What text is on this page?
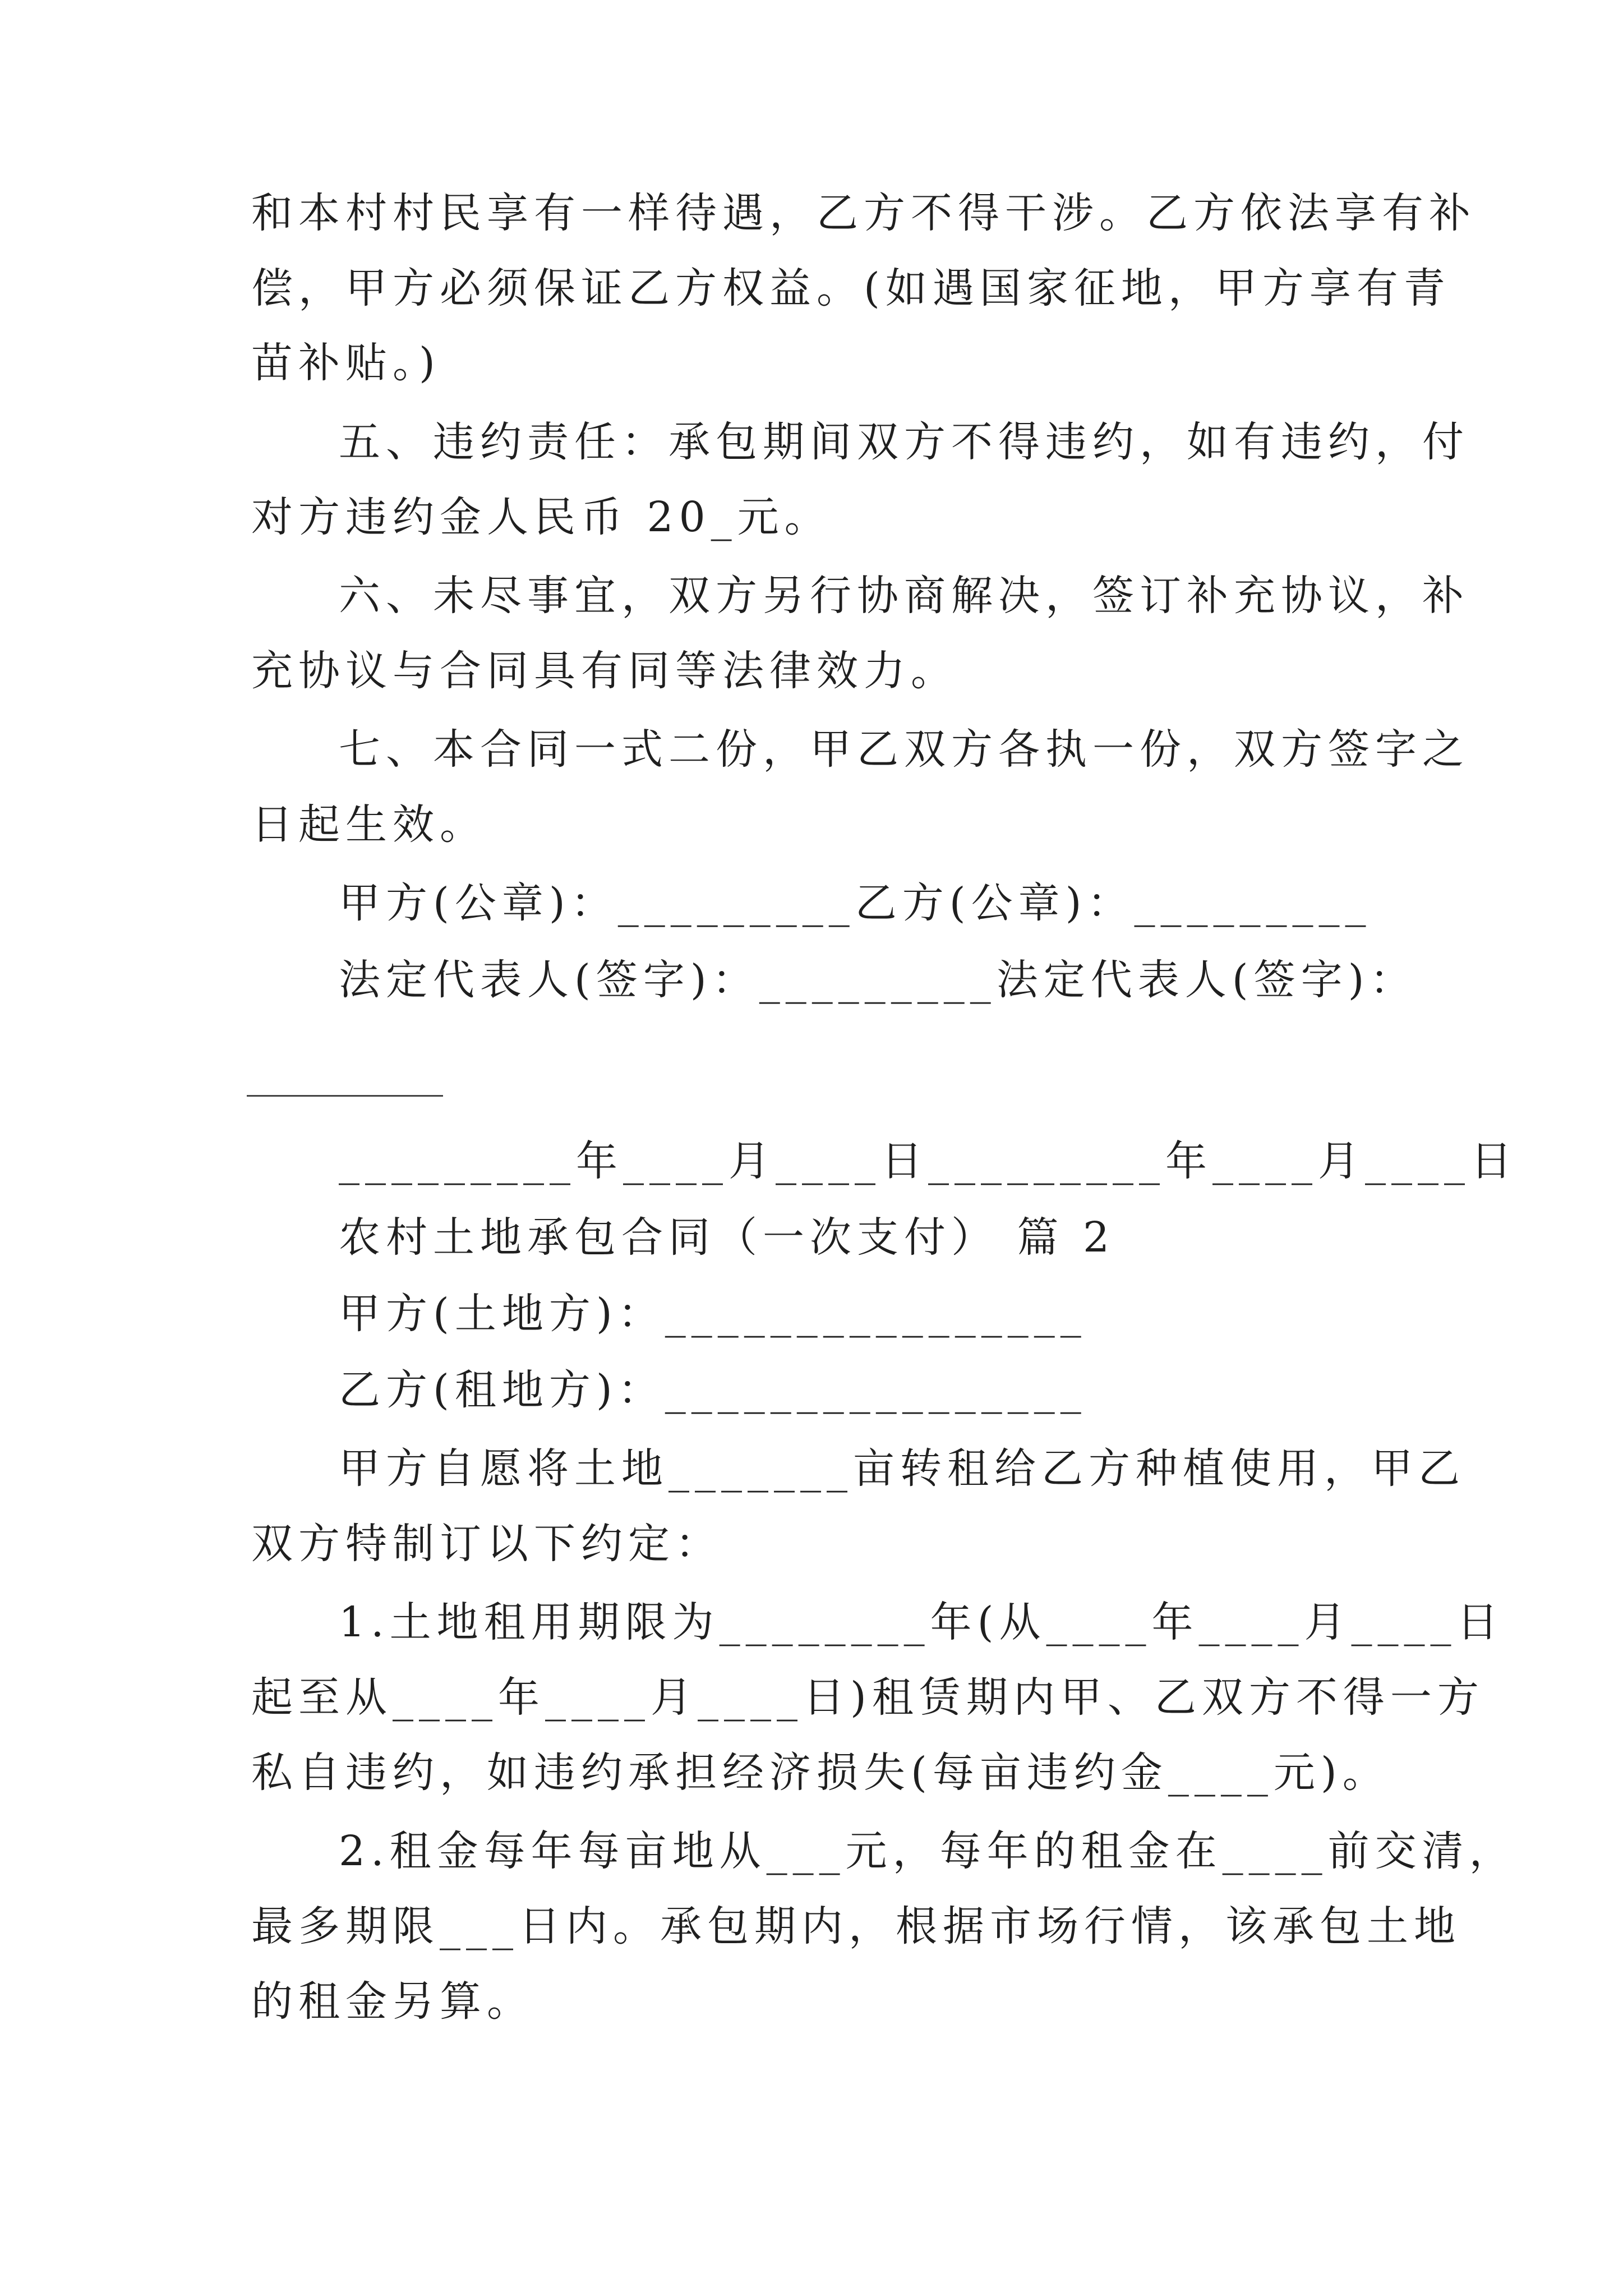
和本村村民享有一样待遇，乙方不得干涉。乙方依法享有补

偿，甲方必须保证乙方权益。(如遇国家征地，甲方享有青

苗补贴。)

五、违约责任：承包期间双方不得违约，如有违约，付

对方违约金人民币 20_元。

六、未尽事宜，双方另行协商解决，签订补充协议，补

充协议与合同具有同等法律效力。

七、本合同一式二份，甲乙双方各执一份，双方签字之

日起生效。

甲方(公章)：_________乙方(公章)：_________

法定代表人(签字)：_________法定代表人(签字)：

_________年____月____日_________年____月____日

农村土地承包合同（一次支付） 篇 2

甲方(土地方)：________________

乙方(租地方)：________________

甲方自愿将土地_______亩转租给乙方种植使用，甲乙

双方特制订以下约定：

1.土地租用期限为________年(从____年____月____日

起至从____年____月____日)租赁期内甲、乙双方不得一方

私自违约，如违约承担经济损失(每亩违约金____元)。

2.租金每年每亩地从___元，每年的租金在____前交清，

最多期限___日内。承包期内，根据市场行情，该承包土地

的租金另算。
